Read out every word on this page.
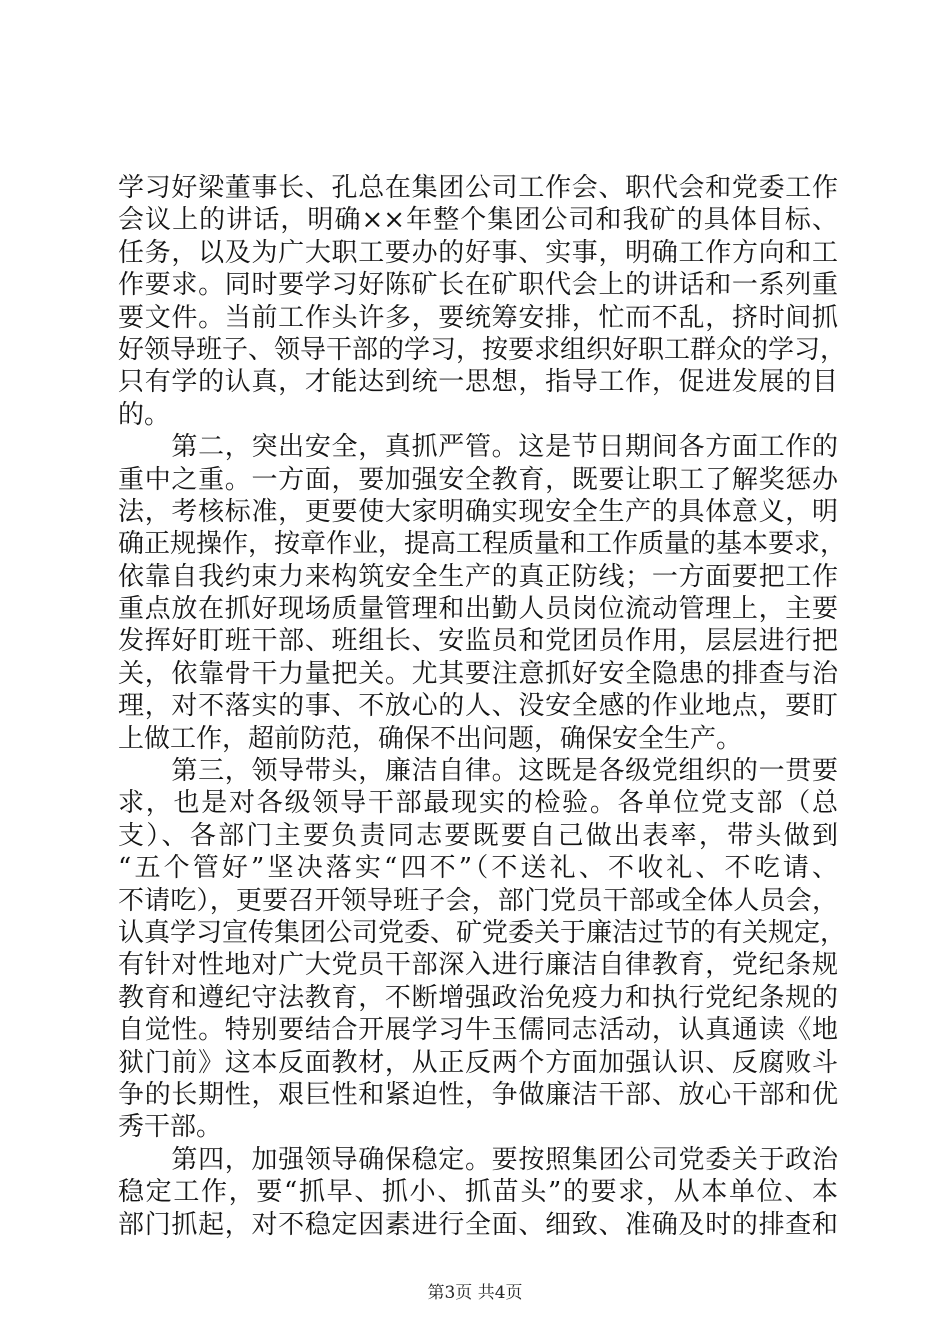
学习好梁董事长、孔总在集团公司工作会、职代会和党委工作
会议上的讲话，明确××年整个集团公司和我矿的具体目标、
任务，以及为广大职工要办的好事、实事，明确工作方向和工
作要求。同时要学习好陈矿长在矿职代会上的讲话和一系列重
要文件。当前工作头许多，要统筹安排，忙而不乱，挤时间抓
好领导班子、领导干部的学习，按要求组织好职工群众的学习，
只有学的认真，才能达到统一思想，指导工作，促进发展的目
的。
　　第二，突出安全，真抓严管。这是节日期间各方面工作的
重中之重。一方面，要加强安全教育，既要让职工了解奖惩办
法，考核标准，更要使大家明确实现安全生产的具体意义，明
确正规操作，按章作业，提高工程质量和工作质量的基本要求，
依靠自我约束力来构筑安全生产的真正防线；一方面要把工作
重点放在抓好现场质量管理和出勤人员岗位流动管理上，主要
发挥好盯班干部、班组长、安监员和党团员作用，层层进行把
关，依靠骨干力量把关。尤其要注意抓好安全隐患的排查与治
理，对不落实的事、不放心的人、没安全感的作业地点，要盯
上做工作，超前防范，确保不出问题，确保安全生产。
　　第三，领导带头，廉洁自律。这既是各级党组织的一贯要
求，也是对各级领导干部最现实的检验。各单位党支部（总
支）、各部门主要负责同志要既要自己做出表率，带头做到
“五个管好”坚决落实“四不”（不送礼、不收礼、不吃请、
不请吃），更要召开领导班子会，部门党员干部或全体人员会，
认真学习宣传集团公司党委、矿党委关于廉洁过节的有关规定，
有针对性地对广大党员干部深入进行廉洁自律教育，党纪条规
教育和遵纪守法教育，不断增强政治免疫力和执行党纪条规的
自觉性。特别要结合开展学习牛玉儒同志活动，认真通读《地
狱门前》这本反面教材，从正反两个方面加强认识、反腐败斗
争的长期性，艰巨性和紧迫性，争做廉洁干部、放心干部和优
秀干部。
　　第四，加强领导确保稳定。要按照集团公司党委关于政治
稳定工作，要“抓早、抓小、抓苗头”的要求，从本单位、本
部门抓起，对不稳定因素进行全面、细致、准确及时的排查和
第3页 共4页
